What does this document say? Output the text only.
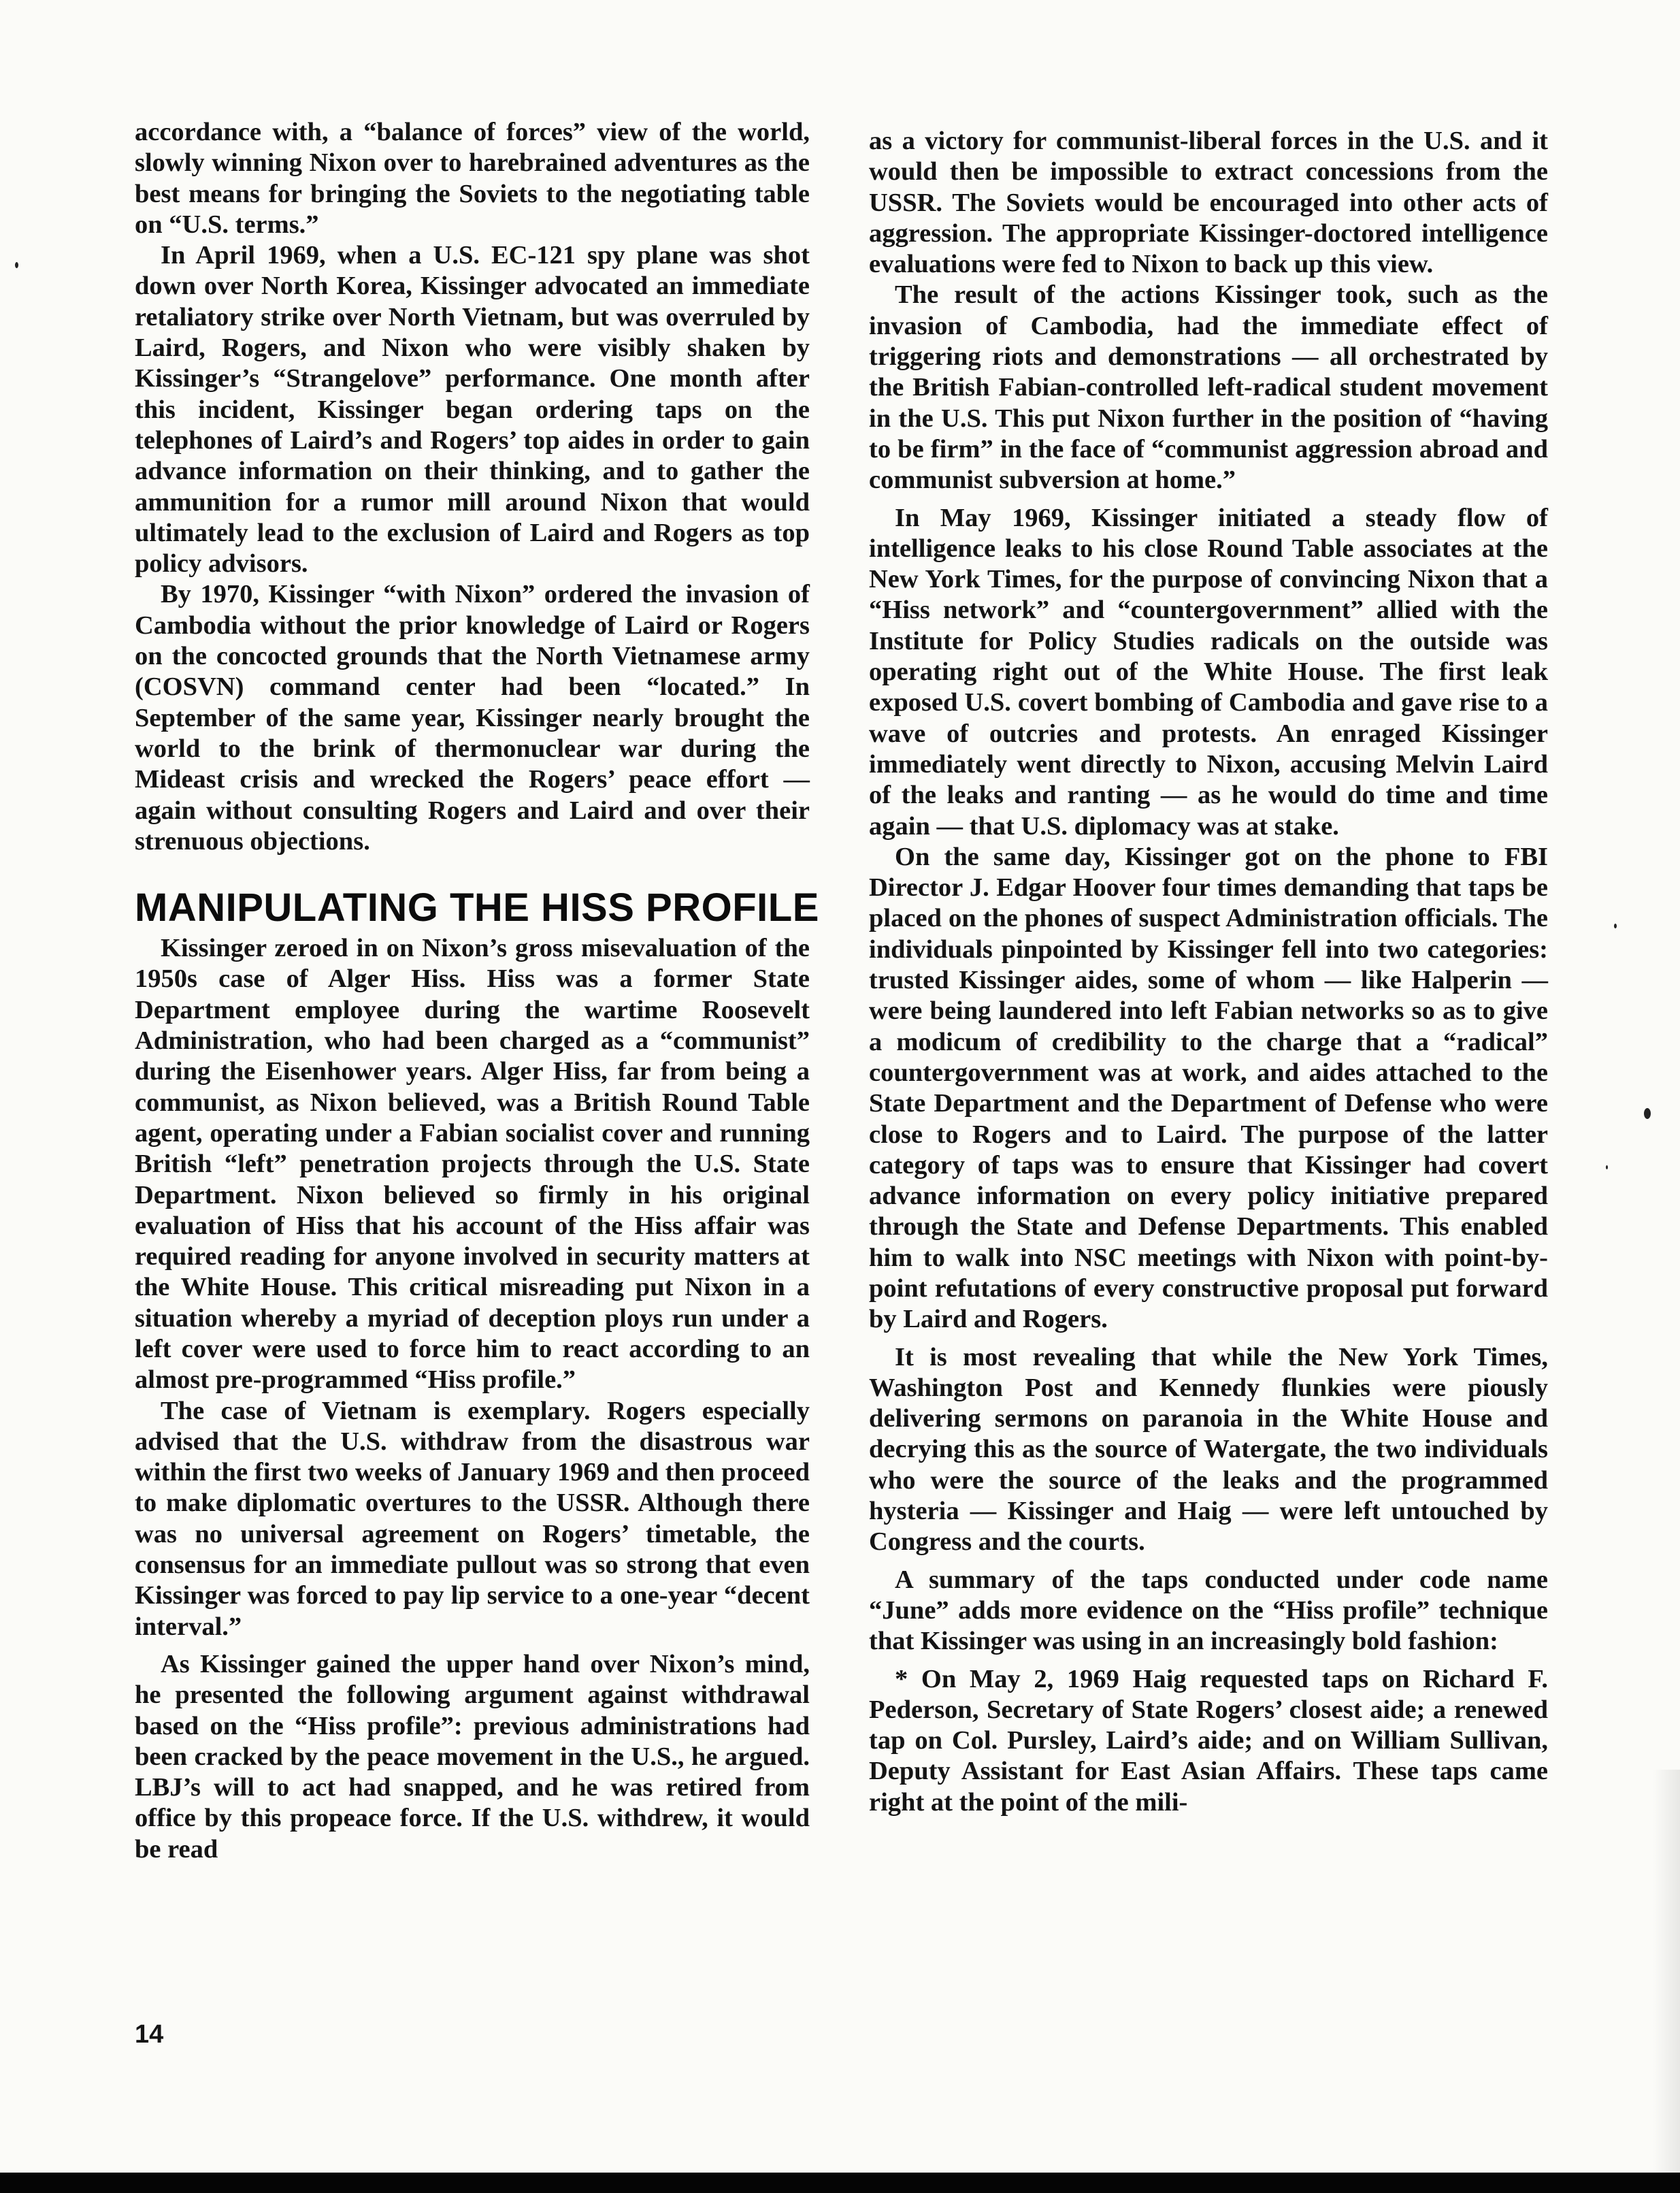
accordance with, a “balance of forces” view of the world, slowly winning Nixon over to harebrained adventures as the best means for bringing the Soviets to the negotiating table on “U.S. terms.”

In April 1969, when a U.S. EC-121 spy plane was shot down over North Korea, Kissinger advocated an immediate retaliatory strike over North Vietnam, but was overruled by Laird, Rogers, and Nixon who were visibly shaken by Kissinger’s “Strangelove” performance. One month after this incident, Kissinger began ordering taps on the telephones of Laird’s and Rogers’ top aides in order to gain advance information on their thinking, and to gather the ammunition for a rumor mill around Nixon that would ultimately lead to the exclusion of Laird and Rogers as top policy advisors.

By 1970, Kissinger “with Nixon” ordered the invasion of Cambodia without the prior knowledge of Laird or Rogers on the concocted grounds that the North Vietnamese army (COSVN) command center had been “located.” In September of the same year, Kissinger nearly brought the world to the brink of thermonuclear war during the Mideast crisis and wrecked the Rogers’ peace effort — again without consulting Rogers and Laird and over their strenuous objections.

MANIPULATING THE HISS PROFILE

Kissinger zeroed in on Nixon’s gross misevaluation of the 1950s case of Alger Hiss. Hiss was a former State Department employee during the wartime Roosevelt Administration, who had been charged as a “communist” during the Eisenhower years. Alger Hiss, far from being a communist, as Nixon believed, was a British Round Table agent, operating under a Fabian socialist cover and running British “left” penetration projects through the U.S. State Department. Nixon believed so firmly in his original evaluation of Hiss that his account of the Hiss affair was required reading for anyone involved in security matters at the White House. This critical misreading put Nixon in a situation whereby a myriad of deception ploys run under a left cover were used to force him to react according to an almost pre-programmed “Hiss profile.”

The case of Vietnam is exemplary. Rogers especially advised that the U.S. withdraw from the disastrous war within the first two weeks of January 1969 and then proceed to make diplomatic overtures to the USSR. Although there was no universal agreement on Rogers’ timetable, the consensus for an immediate pullout was so strong that even Kissinger was forced to pay lip service to a one-year “decent interval.”

As Kissinger gained the upper hand over Nixon’s mind, he presented the following argument against withdrawal based on the “Hiss profile”: previous administrations had been cracked by the peace movement in the U.S., he argued. LBJ’s will to act had snapped, and he was retired from office by this propeace force. If the U.S. withdrew, it would be read

as a victory for communist-liberal forces in the U.S. and it would then be impossible to extract concessions from the USSR. The Soviets would be encouraged into other acts of aggression. The appropriate Kissinger-doctored intelligence evaluations were fed to Nixon to back up this view.

The result of the actions Kissinger took, such as the invasion of Cambodia, had the immediate effect of triggering riots and demonstrations — all orchestrated by the British Fabian-controlled left-radical student movement in the U.S. This put Nixon further in the position of “having to be firm” in the face of “communist aggression abroad and communist subversion at home.”

In May 1969, Kissinger initiated a steady flow of intelligence leaks to his close Round Table associates at the New York Times, for the purpose of convincing Nixon that a “Hiss network” and “countergovernment” allied with the Institute for Policy Studies radicals on the outside was operating right out of the White House. The first leak exposed U.S. covert bombing of Cambodia and gave rise to a wave of outcries and protests. An enraged Kissinger immediately went directly to Nixon, accusing Melvin Laird of the leaks and ranting — as he would do time and time again — that U.S. diplomacy was at stake.

On the same day, Kissinger got on the phone to FBI Director J. Edgar Hoover four times demanding that taps be placed on the phones of suspect Administration officials. The individuals pinpointed by Kissinger fell into two categories: trusted Kissinger aides, some of whom — like Halperin — were being laundered into left Fabian networks so as to give a modicum of credibility to the charge that a “radical” countergovernment was at work, and aides attached to the State Department and the Department of Defense who were close to Rogers and to Laird. The purpose of the latter category of taps was to ensure that Kissinger had covert advance information on every policy initiative prepared through the State and Defense Departments. This enabled him to walk into NSC meetings with Nixon with point-by-point refutations of every constructive proposal put forward by Laird and Rogers.

It is most revealing that while the New York Times, Washington Post and Kennedy flunkies were piously delivering sermons on paranoia in the White House and decrying this as the source of Watergate, the two individuals who were the source of the leaks and the programmed hysteria — Kissinger and Haig — were left untouched by Congress and the courts.

A summary of the taps conducted under code name “June” adds more evidence on the “Hiss profile” technique that Kissinger was using in an increasingly bold fashion:

* On May 2, 1969 Haig requested taps on Richard F. Pederson, Secretary of State Rogers’ closest aide; a renewed tap on Col. Pursley, Laird’s aide; and on William Sullivan, Deputy Assistant for East Asian Affairs. These taps came right at the point of the mili-

14
